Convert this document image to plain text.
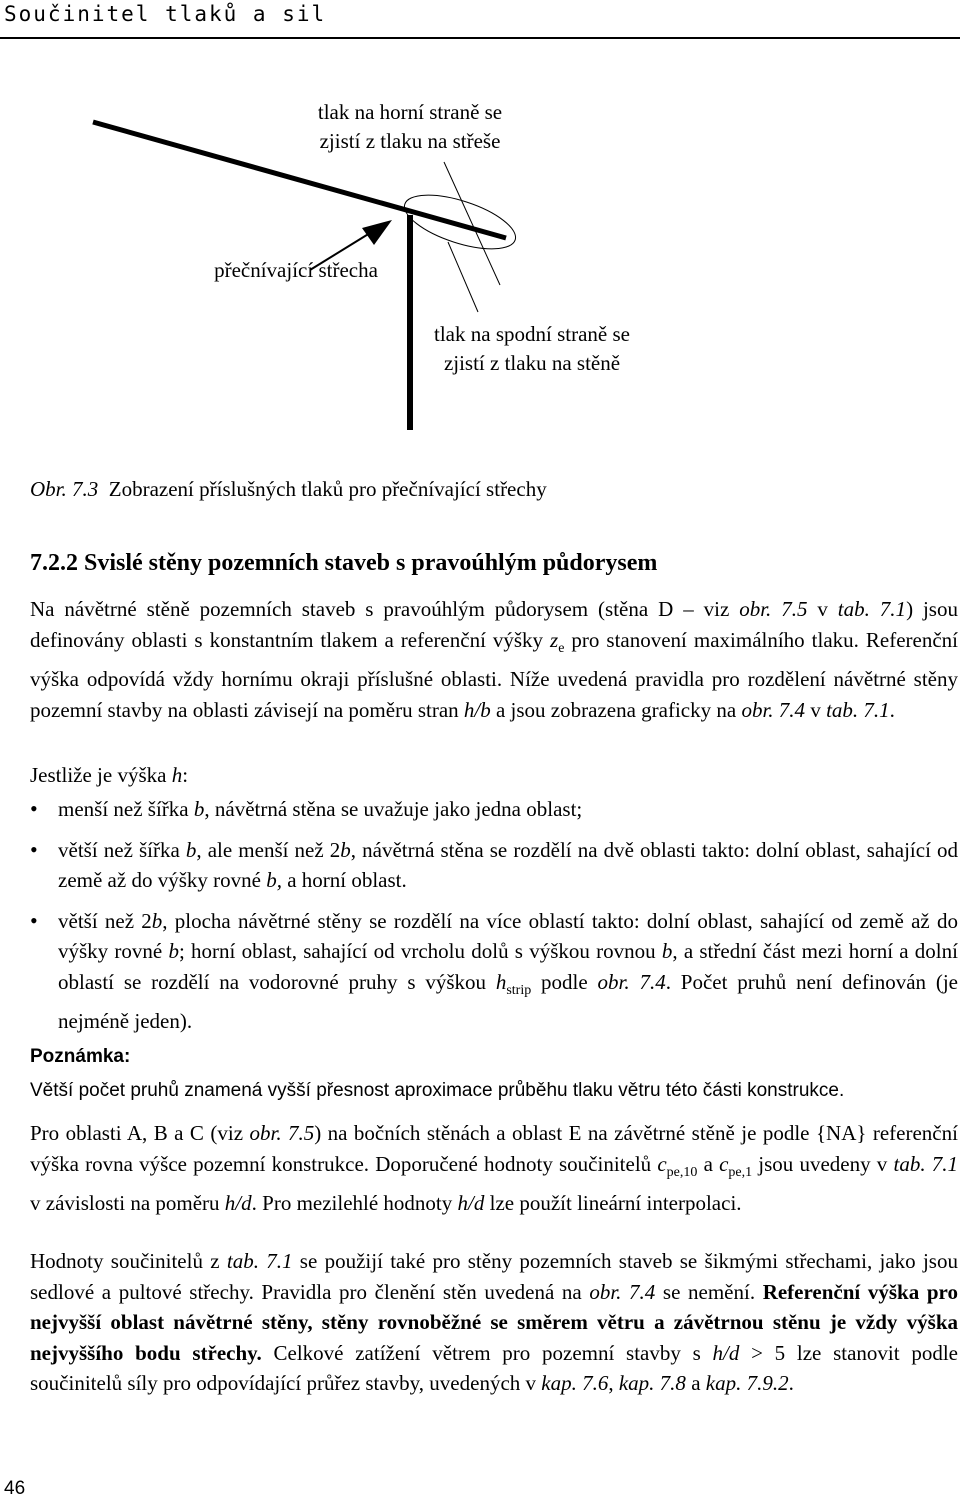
Součinitel tlaků a sil
tlak na horní straně se
zjistí z tlaku na střeše
přečnívající střecha
tlak na spodní straně se
zjistí z tlaku na stěně
Obr. 7.3 Zobrazení příslušných tlaků pro přečnívající střechy
7.2.2 Svislé stěny pozemních staveb s pravoúhlým půdorysem

Na návětrné stěně pozemních staveb s pravoúhlým půdorysem (stěna D – viz obr. 7.5 v tab. 7.1) jsou definovány oblasti s konstantním tlakem a referenční výšky $z_e$ pro stanovení maximálního tlaku. Referenční výška odpovídá vždy hornímu okraji příslušné oblasti. Níže uvedená pravidla pro rozdělení návětrné stěny pozemní stavby na oblasti závisejí na poměru stran h/b a jsou zobrazena graficky na obr. 7.4 v tab. 7.1.

Jestliže je výška h:

• menší než šířka b, návětrná stěna se uvažuje jako jedna oblast;
• větší než šířka b, ale menší než 2b, návětrná stěna se rozdělí na dvě oblasti takto: dolní oblast, sahající od země až do výšky rovné b, a horní oblast.
• větší než 2b, plocha návětrné stěny se rozdělí na více oblastí takto: dolní oblast, sahající od země až do výšky rovné b; horní oblast, sahající od vrcholu dolů s výškou rovnou b, a střední část mezi horní a dolní oblastí se rozdělí na vodorovné pruhy s výškou $h_{strip}$ podle obr. 7.4. Počet pruhů není definován (je nejméně jeden).
Poznámka:
Větší počet pruhů znamená vyšší přesnost aproximace průběhu tlaku větru této části konstrukce.

Pro oblasti A, B a C (viz obr. 7.5) na bočních stěnách a oblast E na závětrné stěně je podle {NA} referenční výška rovna výšce pozemní konstrukce. Doporučené hodnoty součinitelů $c_{pe,10}$ a $c_{pe,1}$ jsou uvedeny v tab. 7.1 v závislosti na poměru h/d. Pro mezilehlé hodnoty h/d lze použít lineární interpolaci.

Hodnoty součinitelů z tab. 7.1 se použijí také pro stěny pozemních staveb se šikmými střechami, jako jsou sedlové a pultové střechy. Pravidla pro členění stěn uvedená na obr. 7.4 se nemění. Referenční výška pro nejvyšší oblast návětrné stěny, stěny rovnoběžné se směrem větru a závětrnou stěnu je vždy výška nejvyššího bodu střechy. Celkové zatížení větrem pro pozemní stavby s h/d > 5 lze stanovit podle součinitelů síly pro odpovídající průřez stavby, uvedených v kap. 7.6, kap. 7.8 a kap. 7.9.2.

46
